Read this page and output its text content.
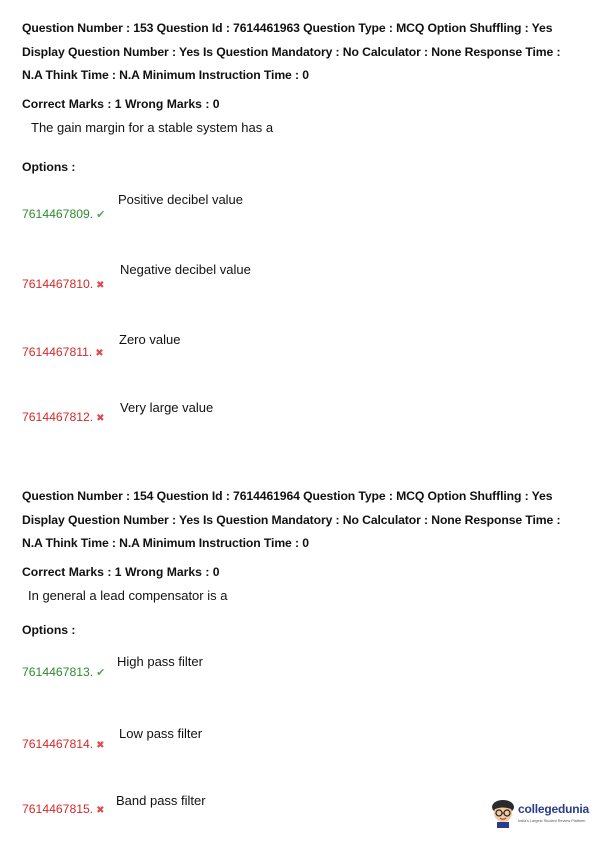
Question Number : 153 Question Id : 7614461963 Question Type : MCQ Option Shuffling : Yes Display Question Number : Yes Is Question Mandatory : No Calculator : None Response Time : N.A Think Time : N.A Minimum Instruction Time : 0
Correct Marks : 1 Wrong Marks : 0
The gain margin for a stable system has a
Options :
7614467809. ✔
Positive decibel value
7614467810. ✖
Negative decibel value
7614467811. ✖
Zero value
7614467812. ✖
Very large value
Question Number : 154 Question Id : 7614461964 Question Type : MCQ Option Shuffling : Yes Display Question Number : Yes Is Question Mandatory : No Calculator : None Response Time : N.A Think Time : N.A Minimum Instruction Time : 0
Correct Marks : 1 Wrong Marks : 0
In general a lead compensator is a
Options :
7614467813. ✔
High pass filter
7614467814. ✖
Low pass filter
7614467815. ✖
Band pass filter
collegedunia
India's Largest Student Review Platform
